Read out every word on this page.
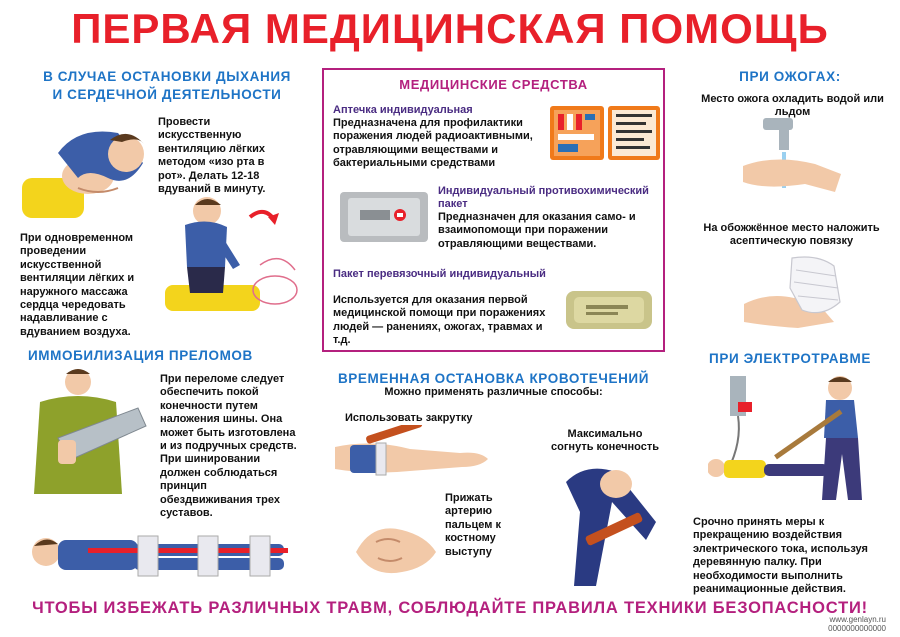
ПЕРВАЯ МЕДИЦИНСКАЯ ПОМОЩЬ
В СЛУЧАЕ ОСТАНОВКИ ДЫХАНИЯ
И СЕРДЕЧНОЙ ДЕЯТЕЛЬНОСТИ
Провести искусственную вентиляцию лёгких методом «изо рта в рот». Делать 12-18 вдуваний в минуту.
При одновременном проведении искусственной вентиляции лёгких и наружного массажа сердца чередовать надавливание с вдуванием воздуха.
ИММОБИЛИЗАЦИЯ ПРЕЛОМОВ
При переломе следует обеспечить покой конечности путем наложения шины. Она может быть изготовлена и из подручных средств. При шинировании должен соблюдаться принцип обездвиживания трех суставов.
МЕДИЦИНСКИЕ СРЕДСТВА
Аптечка индивидуальная
Предназначена для профилактики поражения людей радиоактивными, отравляющими веществами и бактериальными средствами
Индивидуальный противохимический пакет
Предназначен для оказания само- и взаимопомощи при поражении отравляющими веществами.
Пакет перевязочный индивидуальный
Используется для оказания первой медицинской помощи при поражениях людей — ранениях, ожогах, травмах и т.д.
ВРЕМЕННАЯ ОСТАНОВКА КРОВОТЕЧЕНИЙ
Можно применять различные способы:
Использовать закрутку
Максимально согнуть конечность
Прижать артерию пальцем к костному выступу
ПРИ ОЖОГАХ:
Место ожога охладить водой или льдом
На обожжённое место наложить асептическую повязку
ПРИ ЭЛЕКТРОТРАВМЕ
Срочно принять меры к прекращению воздействия электрического тока, используя деревянную палку. При необходимости выполнить реанимационные действия.
ЧТОБЫ ИЗБЕЖАТЬ РАЗЛИЧНЫХ ТРАВМ, СОБЛЮДАЙТЕ ПРАВИЛА ТЕХНИКИ БЕЗОПАСНОСТИ!
www.genlayn.ru
0000000000000
